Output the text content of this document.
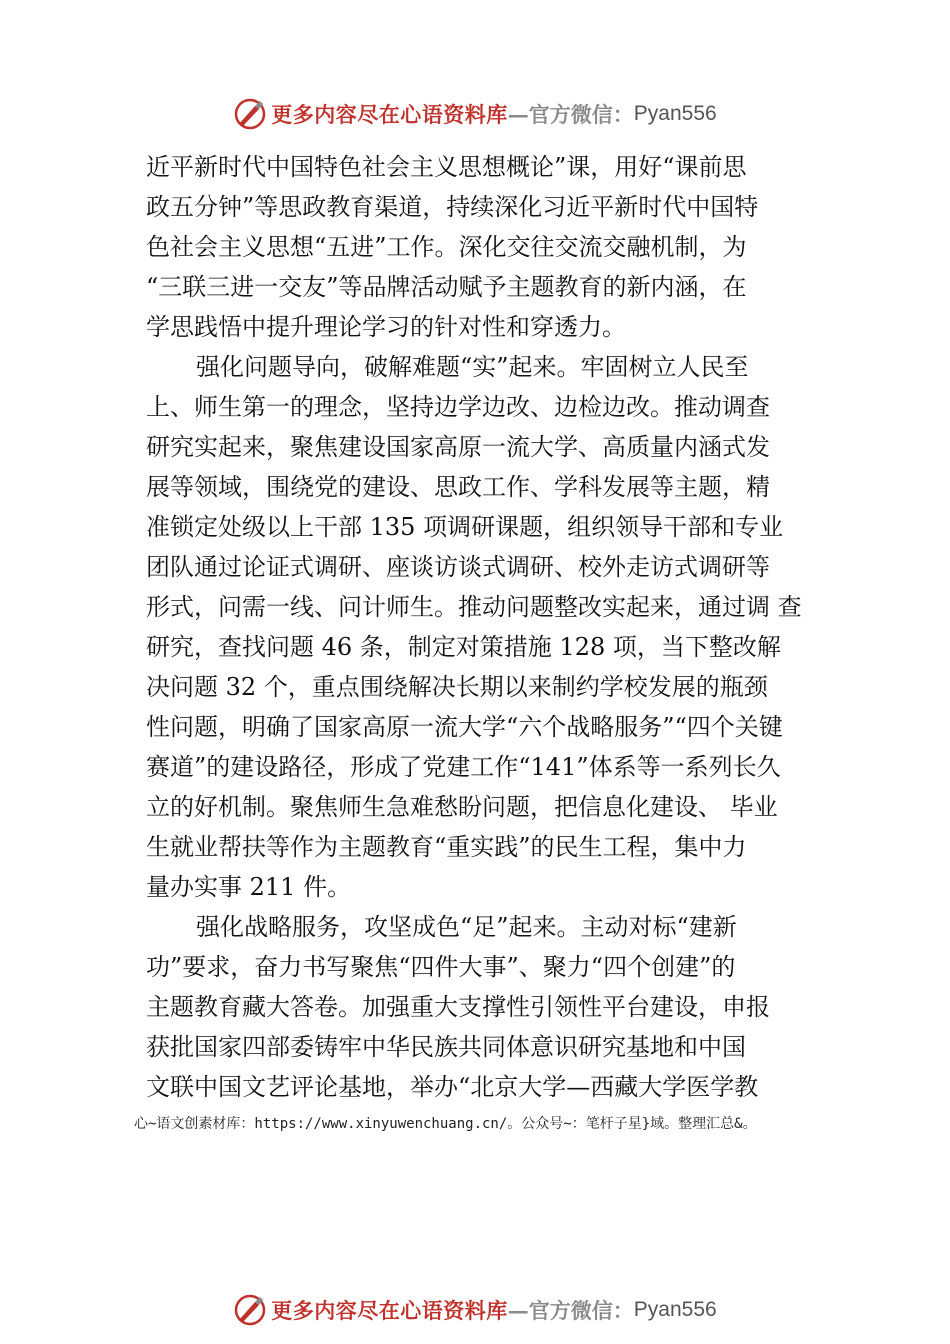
更多内容尽在心语资料库 —官方微信： Pyan556
近平新时代中国特色社会主义思想概论”课，用好“课前思
政五分钟”等思政教育渠道，持续深化习近平新时代中国特
色社会主义思想“五进”工作。深化交往交流交融机制，为
“三联三进一交友”等品牌活动赋予主题教育的新内涵，在
学思践悟中提升理论学习的针对性和穿透力。
强化问题导向，破解难题“实”起来。牢固树立人民至
上、师生第一的理念，坚持边学边改、边检边改。推动调查
研究实起来，聚焦建设国家高原一流大学、高质量内涵式发
展等领域，围绕党的建设、思政工作、学科发展等主题，精
准锁定处级以上干部 135 项调研课题，组织领导干部和专业
团队通过论证式调研、座谈访谈式调研、校外走访式调研等
形式，问需一线、问计师生。推动问题整改实起来，通过调 查
研究，查找问题 46 条，制定对策措施 128 项，当下整改解
决问题 32 个，重点围绕解决长期以来制约学校发展的瓶颈
性问题，明确了国家高原一流大学“六个战略服务”“四个关键
赛道”的建设路径，形成了党建工作“141”体系等一系列长久
立的好机制。聚焦师生急难愁盼问题，把信息化建设、 毕业
生就业帮扶等作为主题教育“重实践”的民生工程，集中力
量办实事 211 件。
强化战略服务，攻坚成色“足”起来。主动对标“建新
功”要求，奋力书写聚焦“四件大事”、聚力“四个创建”的
主题教育藏大答卷。加强重大支撑性引领性平台建设，申报
获批国家四部委铸牢中华民族共同体意识研究基地和中国
文联中国文艺评论基地，举办“北京大学—西藏大学医学教
心~语文创素材库：https://www.xinyuwenchuang.cn/。公众号~：笔杆子星}域。整理汇总&。
更多内容尽在心语资料库 —官方微信： Pyan556
